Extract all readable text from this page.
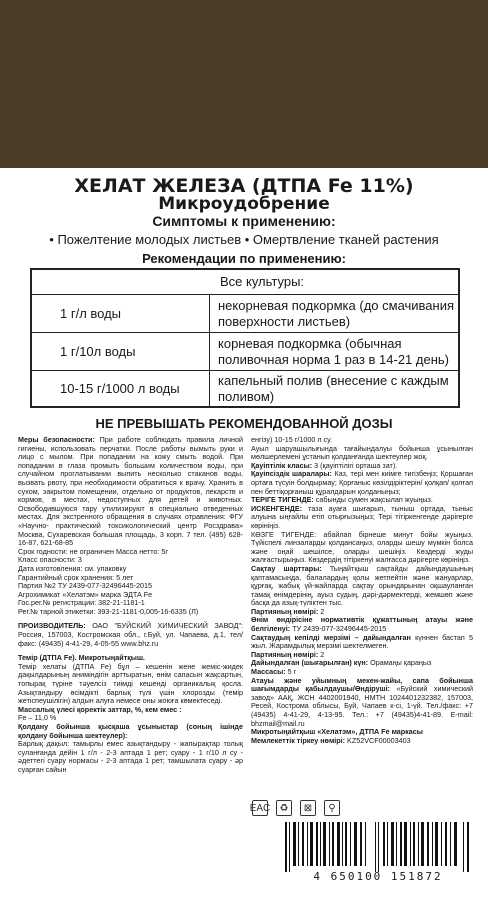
ХЕЛАТ ЖЕЛЕЗА (ДТПА Fe 11%)
Микроудобрение
Симптомы к применению:
• Пожелтение молодых листьев • Омертвление тканей растения
Рекомендации по применению:
Все культуры:
1 г/л воды
некорневая подкормка (до смачивания поверхности листьев)
1 г/10л воды
корневая подкормка (обычная поливочная норма 1 раз в 14-21 день)
10-15 г/1000 л воды
капельный полив (внесение с каждым поливом)
НЕ ПРЕВЫШАТЬ РЕКОМЕНДОВАННОЙ ДОЗЫ

Меры безопасности: При работе соблюдать правила личной гигиены, использовать перчатки. После работы вымыть руки и лицо с мылом. При попадании на кожу смыть водой. При попадании в глаза промыть большим количеством воды, при случайном проглатывании выпить несколько стаканов воды, вызвать рвоту, при необходимости обратиться к врачу. Хранить в сухом, закрытом помещении, отдельно от продуктов, лекарств и кормов, в местах, недоступных для детей и животных. Освободившуюся тару утилизируют в специально отведенных местах. Для экстренного обращения в случаях отравления: ФГУ «Научно- практический токсикологический центр Росздрава» Москва, Сухаревская большая площадь, 3 корп. 7 тел. (495) 628-16-87, 621-68-85

Срок годности: не ограничен Масса нетто: 5г

Класс опасности: 3

Дата изготовления: см. упаковку

Гарантийный срок хранения: 5 лет

Партия №2 ТУ 2439-077-32496445-2015

Агрохимикат «Хелатэм» марка ЭДТА Fe

Гос.рег.№ регистрации: 382-21-1181-1

Рег.№ тарной этикетки: 393-21-1181-0,005-16-6335 (Л)

ПРОИЗВОДИТЕЛЬ: ОАО "БУЙСКИЙ ХИМИЧЕСКИЙ ЗАВОД": Россия, 157003, Костромская обл., г.Буй, ул. Чапаева, д.1, тел/факс: (49435) 4-41-29, 4-05-55 www.bhz.ru

Темір (ДТПА Fe). Микротыңайтқыш.

Темір хелаты (ДТПА Fe) бұл – кешенін жене жеміс-жидек дақылдарының аниміндігін арттыратын, өнім сапасын жақсартын, топырақ түріне тәуелсіз тиімді кешенді органикалық қосла. Азықтандыру өсімдікті барлық түлі үшін хлорозды (темір жетіспеушілігін) алдын алуға немесе оны жоюға көмектеседі.

Массалық үлесі қоректік заттар, %, кем емес :

Fe – 11,0 %

Қолдану бойынша қысқаша ұсыныстар (соның ішінде қолдану бойынша шектеулер):

Барлық дақыл: тамырлы емес азықтандыру - жапырақтар толық суланғанда дейін 1 г/л - 2-3 аптада 1 рет; суару - 1 г/10 л су - әдеттегі суару нормасы - 2-3 аптада 1 рет; тамшылата суару - әр суарған сайын

енгізу) 10-15 г/1000 л су.

Ауыл шаруашылығында тағайындалуы бойынша ұсынылған мөлшерлемені ұстанып қолданғанда шектеулер жоқ.

Қауіптілік класы: 3 (қауіптілігі орташа зат).

Қауіпсіздік шаралары: Каз, тері мен киімге тигізбеңіз; Қоршаған ортаға түсуін болдырмау; Қорғаныс көзілдіріктерін/ қолқап/ қолғап пен беттіқорғаныш құралдарын қолданыңыз;

ТЕРІГЕ ТИГЕНДЕ: сабынды сумен жақсылап жуыңыз.

ИСКЕНГЕНДЕ: таза ауаға шығарып, тыныш ортада, тыныс алуына ыңғайлы етіп отырғызыңыз; Тері тітіркенгенде дәрігерге көрініңіз.

КӨЗГЕ ТИГЕНДЕ: абайлап бірнеше минут бойы жуыңыз. Түйіспелі линзаларды қолдансаңыз, оларды шешу мүмкін болса және оңай шешілсе, оларды шешіңіз. Көздерді жуды жалғастырыңыз. Көздердің тітіркенуі жалғасса дәрігерге көрініңіз.

Сақтау шарттары: Тыңайтқыш сақтайды дайындаушының қаптамасында, балалардың қолы жетпейтін және жануарлар, құрғақ, жабық үй-жайларда сақтау орындарынан оқшауланған тамақ өнімдерінің, ауыз судың, дәрі-дәрмектерді, жемшөп және басқа да азық-түлiктен тыс.

Партияның нөмірі: 2

Өнім өндірісіне нормативтік құжаттының атауы және белгіленуі: ТУ 2439-077-32496445-2015

Сақтаудың кепілді мерзімі – дайындалған күннен бастап 5 жыл. Жарамдылық мерзімі шектелмеген.

Партияның нөмірі: 2

Дайындалған (шығарылған) күн: Орамаңы қараңыз

Массасы: 5 г

Атауы және уйымның мекен-жайы, сапа бойынша шағымдарды қабылдаушы/Өндіруші: «Буйский химический завод» ААҚ, ЖСН 4402001940, НМТН 1024401232382, 157003, Ресей, Кострома облысы, Буй, Чапаев к-сі, 1-үй. Тел./факс: +7 (49435) 4-41-29, 4-13-95. Тел.: +7 (49435)4-41-89. E-mail: bhzmail@mail.ru

Микротыңайтқыш «Хелатэм», ДТПА Fe маркасы

Мемлекеттік тіркеу нөмірі: KZ52VCF00003403

EAC ♻	⊠	⚲
4 650100 151872
